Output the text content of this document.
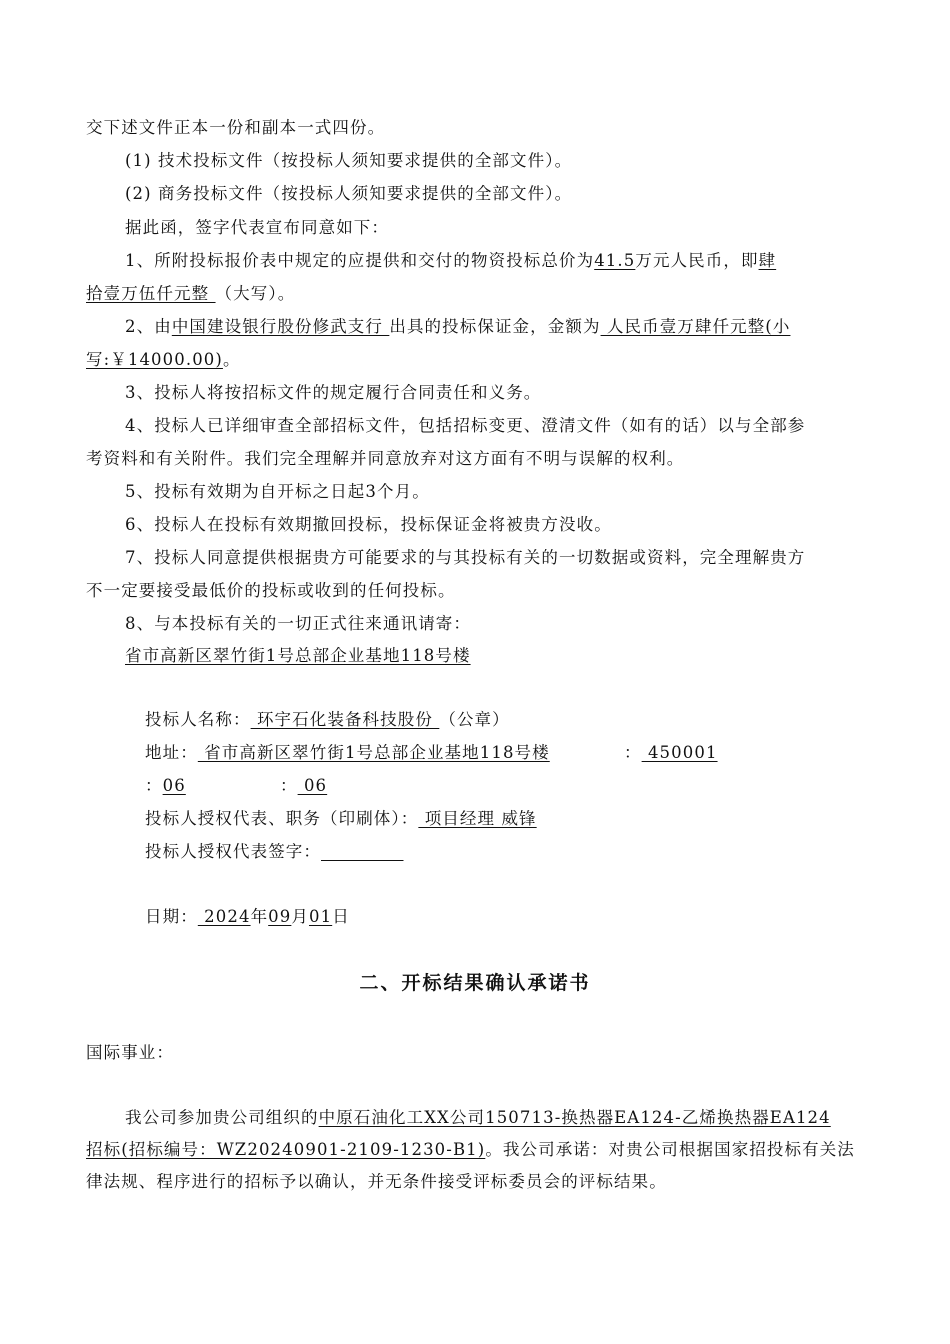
交下述文件正本一份和副本一式四份。
(1) 技术投标文件（按投标人须知要求提供的全部文件）。
(2) 商务投标文件（按投标人须知要求提供的全部文件）。
据此函，签字代表宣布同意如下：
1、所附投标报价表中规定的应提供和交付的物资投标总价为41.5万元人民币，即肆
拾壹万伍仟元整 （大写）。
2、由中国建设银行股份修武支行 出具的投标保证金，金额为 人民币壹万肆仟元整(小
写:￥14000.00)。
3、投标人将按招标文件的规定履行合同责任和义务。
4、投标人已详细审查全部招标文件，包括招标变更、澄清文件（如有的话）以与全部参
考资料和有关附件。我们完全理解并同意放弃对这方面有不明与误解的权利。
5、投标有效期为自开标之日起3个月。
6、投标人在投标有效期撤回投标，投标保证金将被贵方没收。
7、投标人同意提供根据贵方可能要求的与其投标有关的一切数据或资料，完全理解贵方
不一定要接受最低价的投标或收到的任何投标。
8、与本投标有关的一切正式往来通讯请寄：
省市高新区翠竹街1号总部企业基地118号楼
投标人名称： 环宇石化装备科技股份 （公章）
地址： 省市高新区翠竹街1号总部企业基地118号楼	： 450001
：06	： 06
投标人授权代表、职务（印刷体）： 项目经理 威锋
投标人授权代表签字：
日期： 2024年09月01日
二、开标结果确认承诺书
国际事业：
我公司参加贵公司组织的中原石油化工XX公司150713-换热器EA124-乙烯换热器EA124
招标(招标编号：WZ20240901-2109-1230-B1)。我公司承诺：对贵公司根据国家招投标有关法
律法规、程序进行的招标予以确认，并无条件接受评标委员会的评标结果。
